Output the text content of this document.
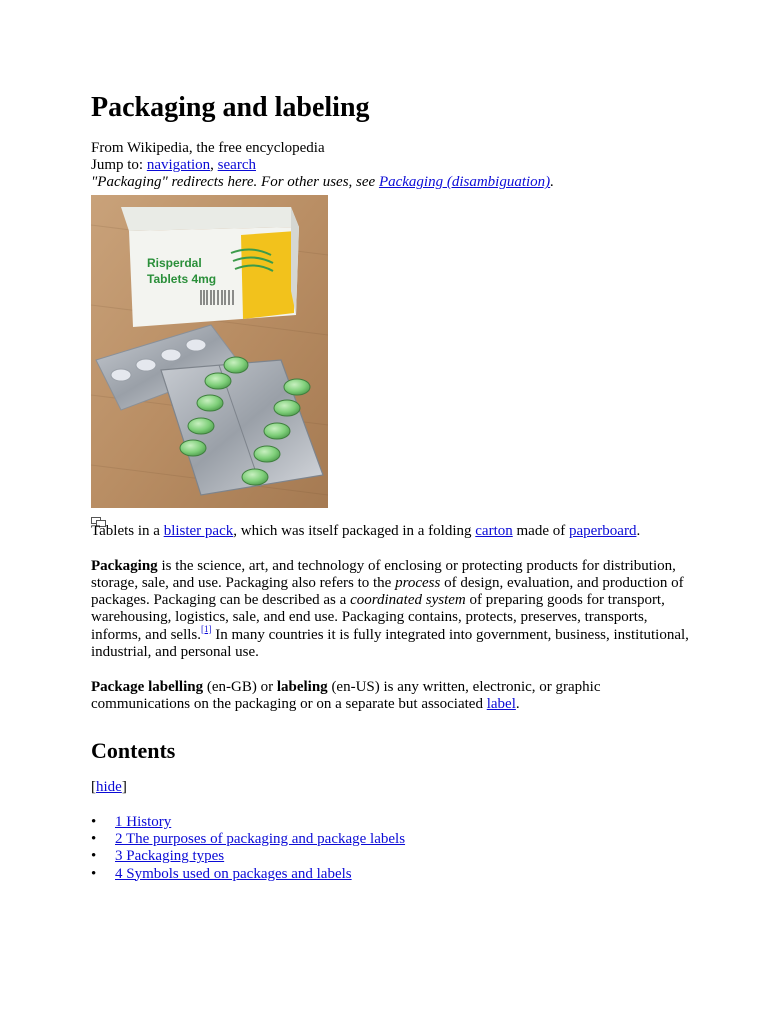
Packaging and labeling
From Wikipedia, the free encyclopedia
Jump to: navigation, search
"Packaging" redirects here. For other uses, see Packaging (disambiguation).
Risperdal
Tablets 4mg
Tablets in a blister pack, which was itself packaged in a folding carton made of paperboard.

Packaging is the science, art, and technology of enclosing or protecting products for distribution, storage, sale, and use. Packaging also refers to the process of design, evaluation, and production of packages. Packaging can be described as a coordinated system of preparing goods for transport, warehousing, logistics, sale, and end use. Packaging contains, protects, preserves, transports, informs, and sells.[1] In many countries it is fully integrated into government, business, institutional, industrial, and personal use.

Package labelling (en-GB) or labeling (en-US) is any written, electronic, or graphic communications on the packaging or on a separate but associated label.

Contents
[hide]
• 1 History
• 2 The purposes of packaging and package labels
• 3 Packaging types
• 4 Symbols used on packages and labels
